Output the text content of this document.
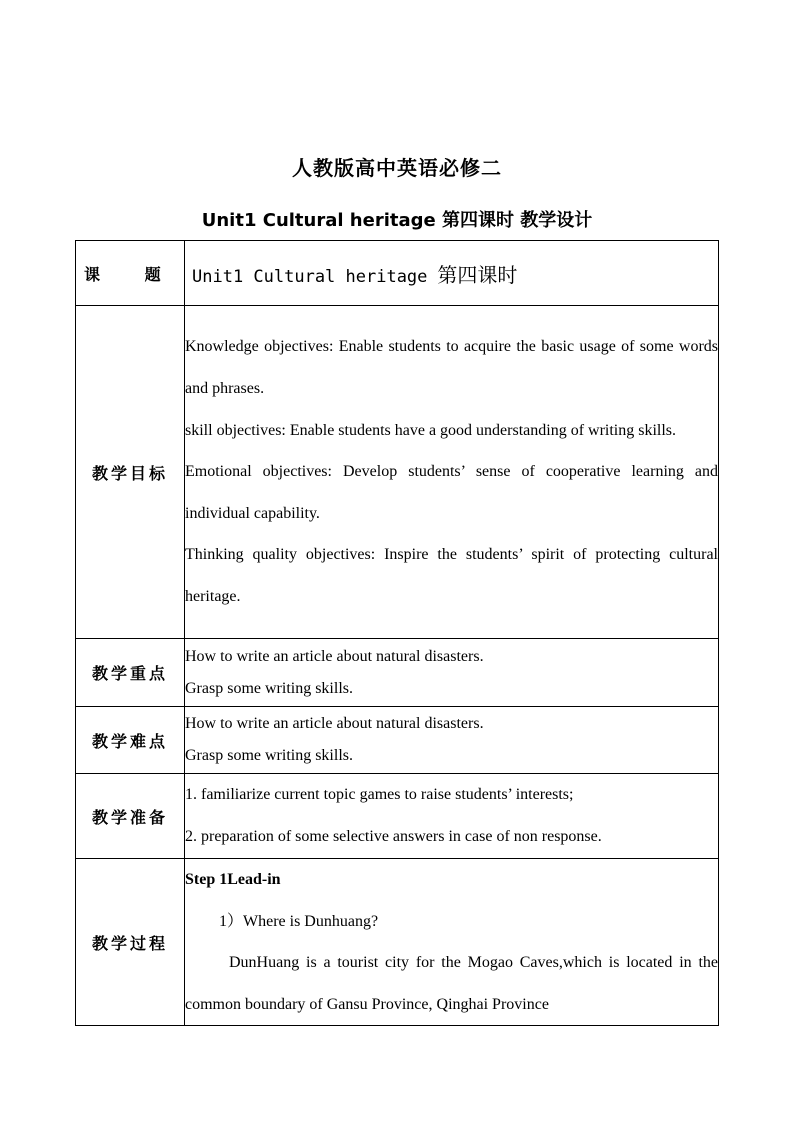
人教版高中英语必修二
Unit1 Cultural heritage 第四课时 教学设计
课        题	Unit1 Cultural heritage 第四课时
教学目标	Knowledge objectives: Enable students to acquire the basic usage of some words and phrases.
skill objectives: Enable students have a good understanding of writing skills.
Emotional objectives: Develop students’ sense of cooperative learning and individual capability.
Thinking quality objectives: Inspire the students’ spirit of protecting cultural heritage.

教学重点	How to write an article about natural disasters.
Grasp some writing skills.

教学难点	How to write an article about natural disasters.
Grasp some writing skills.

教学准备	1. familiarize current topic games to raise students’ interests;
2. preparation of some selective answers in case of non response.

教学过程	Step 1Lead-in
1）Where is Dunhuang?
DunHuang is a tourist city for the Mogao Caves,which is located in the common boundary of Gansu Province, Qinghai Province
